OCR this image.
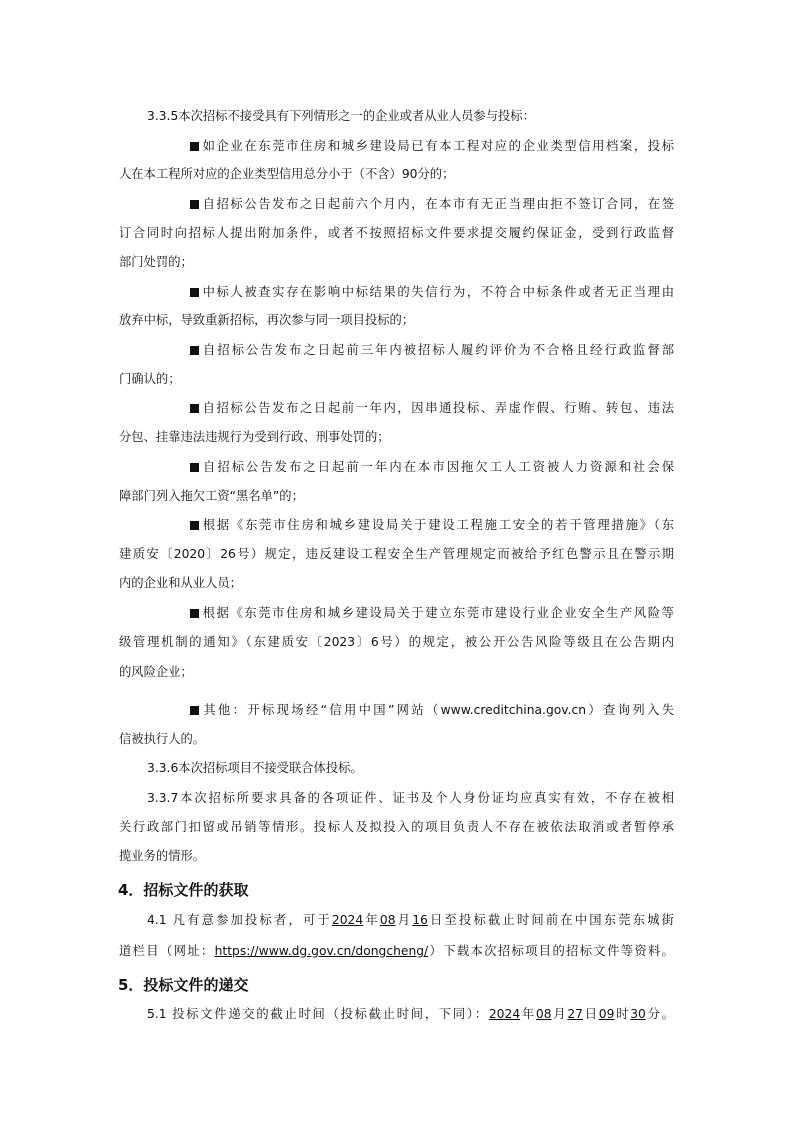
3.3.5本次招标不接受具有下列情形之一的企业或者从业人员参与投标：
如企业在东莞市住房和城乡建设局已有本工程对应的企业类型信用档案，投标
人在本工程所对应的企业类型信用总分小于（不含）90分的；
自招标公告发布之日起前六个月内，在本市有无正当理由拒不签订合同，在签
订合同时向招标人提出附加条件，或者不按照招标文件要求提交履约保证金，受到行政监督
部门处罚的；
中标人被查实存在影响中标结果的失信行为，不符合中标条件或者无正当理由
放弃中标，导致重新招标，再次参与同一项目投标的；
自招标公告发布之日起前三年内被招标人履约评价为不合格且经行政监督部
门确认的；
自招标公告发布之日起前一年内，因串通投标、弄虚作假、行贿、转包、违法
分包、挂靠违法违规行为受到行政、刑事处罚的；
自招标公告发布之日起前一年内在本市因拖欠工人工资被人力资源和社会保
障部门列入拖欠工资“黑名单”的；
根据《东莞市住房和城乡建设局关于建设工程施工安全的若干管理措施》（东
建质安〔2020〕26号）规定，违反建设工程安全生产管理规定而被给予红色警示且在警示期
内的企业和从业人员；
根据《东莞市住房和城乡建设局关于建立东莞市建设行业企业安全生产风险等
级管理机制的通知》（东建质安〔2023〕6号）的规定，被公开公告风险等级且在公告期内
的风险企业；
其他：开标现场经“信用中国”网站（www.creditchina.gov.cn）查询列入失
信被执行人的。
3.3.6本次招标项目不接受联合体投标。
3.3.7本次招标所要求具备的各项证件、证书及个人身份证均应真实有效，不存在被相
关行政部门扣留或吊销等情形。投标人及拟投入的项目负责人不存在被依法取消或者暂停承
揽业务的情形。
4．招标文件的获取
4.1 凡有意参加投标者，可于2024年08月16日至投标截止时间前在中国东莞东城街
道栏目（网址：https://www.dg.gov.cn/dongcheng/）下载本次招标项目的招标文件等资料。
5．投标文件的递交
5.1 投标文件递交的截止时间（投标截止时间，下同）：2024年08月27日09时30分。
